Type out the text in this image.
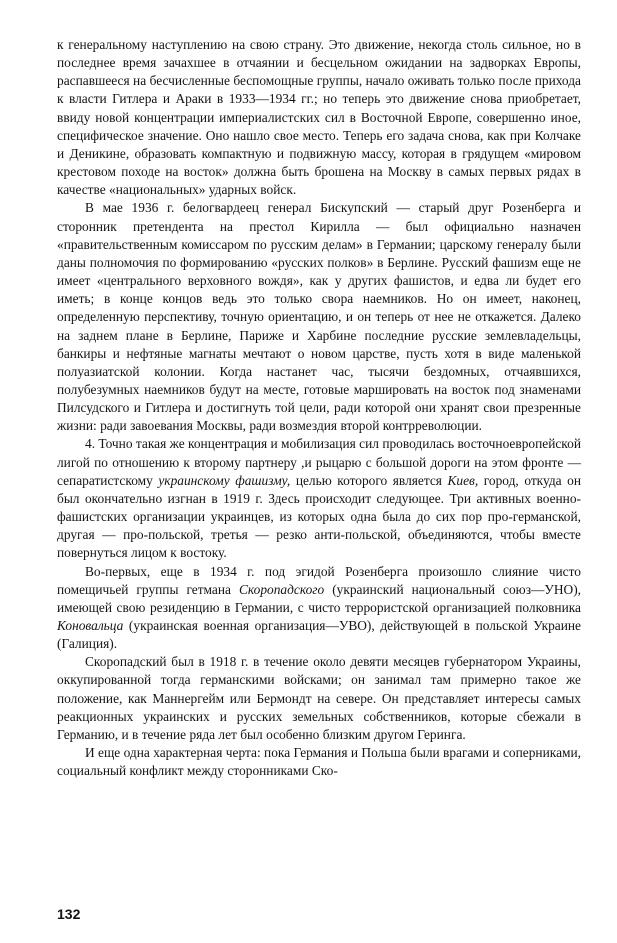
к генеральному наступлению на свою страну. Это движение, некогда столь сильное, но в последнее время зачахшее в отчаянии и бесцельном ожидании на задворках Европы, распавшееся на бесчисленные беспомощные группы, начало оживать только после прихода к власти Гитлера и Араки в 1933—1934 гг.; но теперь это движение снова приобретает, ввиду новой концентрации империалистских сил в Восточной Европе, совершенно иное, специфическое значение. Оно нашло свое место. Теперь его задача снова, как при Колчаке и Деникине, образовать компактную и подвижную массу, которая в грядущем «мировом крестовом походе на восток» должна быть брошена на Москву в самых первых рядах в качестве «национальных» ударных войск.

В мае 1936 г. белогвардеец генерал Бискупский — старый друг Розенберга и сторонник претендента на престол Кирилла — был официально назначен «правительственным комиссаром по русским делам» в Германии; царскому генералу были даны полномочия по формированию «русских полков» в Берлине. Русский фашизм еще не имеет «центрального верховного вождя», как у других фашистов, и едва ли будет его иметь; в конце концов ведь это только свора наемников. Но он имеет, наконец, определенную перспективу, точную ориентацию, и он теперь от нее не откажется. Далеко на заднем плане в Берлине, Париже и Харбине последние русские землевладельцы, банкиры и нефтяные магнаты мечтают о новом царстве, пусть хотя в виде маленькой полуазиатской колонии. Когда настанет час, тысячи бездомных, отчаявшихся, полубезумных наемников будут на месте, готовые маршировать на восток под знаменами Пилсудского и Гитлера и достигнуть той цели, ради которой они хранят свои презренные жизни: ради завоевания Москвы, ради возмездия второй контрреволюции.

4. Точно такая же концентрация и мобилизация сил проводилась восточноевропейской лигой по отношению к второму партнеру ,и рыцарю с большой дороги на этом фронте — сепаратистскому украинскому фашизму, целью которого является Киев, город, откуда он был окончательно изгнан в 1919 г. Здесь происходит следующее. Три активных военно-фашистских организации украинцев, из которых одна была до сих пор про-германской, другая — про-польской, третья — резко анти-польской, объединяются, чтобы вместе повернуться лицом к востоку.

Во-первых, еще в 1934 г. под эгидой Розенберга произошло слияние чисто помещичьей группы гетмана Скоропадского (украинский национальный союз—УНО), имеющей свою резиденцию в Германии, с чисто террористской организацией полковника Коновальца (украинская военная организация—УВО), действующей в польской Украине (Галиция).

Скоропадский был в 1918 г. в течение около девяти месяцев губернатором Украины, оккупированной тогда германскими войсками; он занимал там примерно такое же положение, как Маннергейм или Бермондт на севере. Он представляет интересы самых реакционных украинских и русских земельных собственников, которые сбежали в Германию, и в течение ряда лет был особенно близким другом Геринга.

И еще одна характерная черта: пока Германия и Польша были врагами и соперниками, социальный конфликт между сторонниками Ско-

132
